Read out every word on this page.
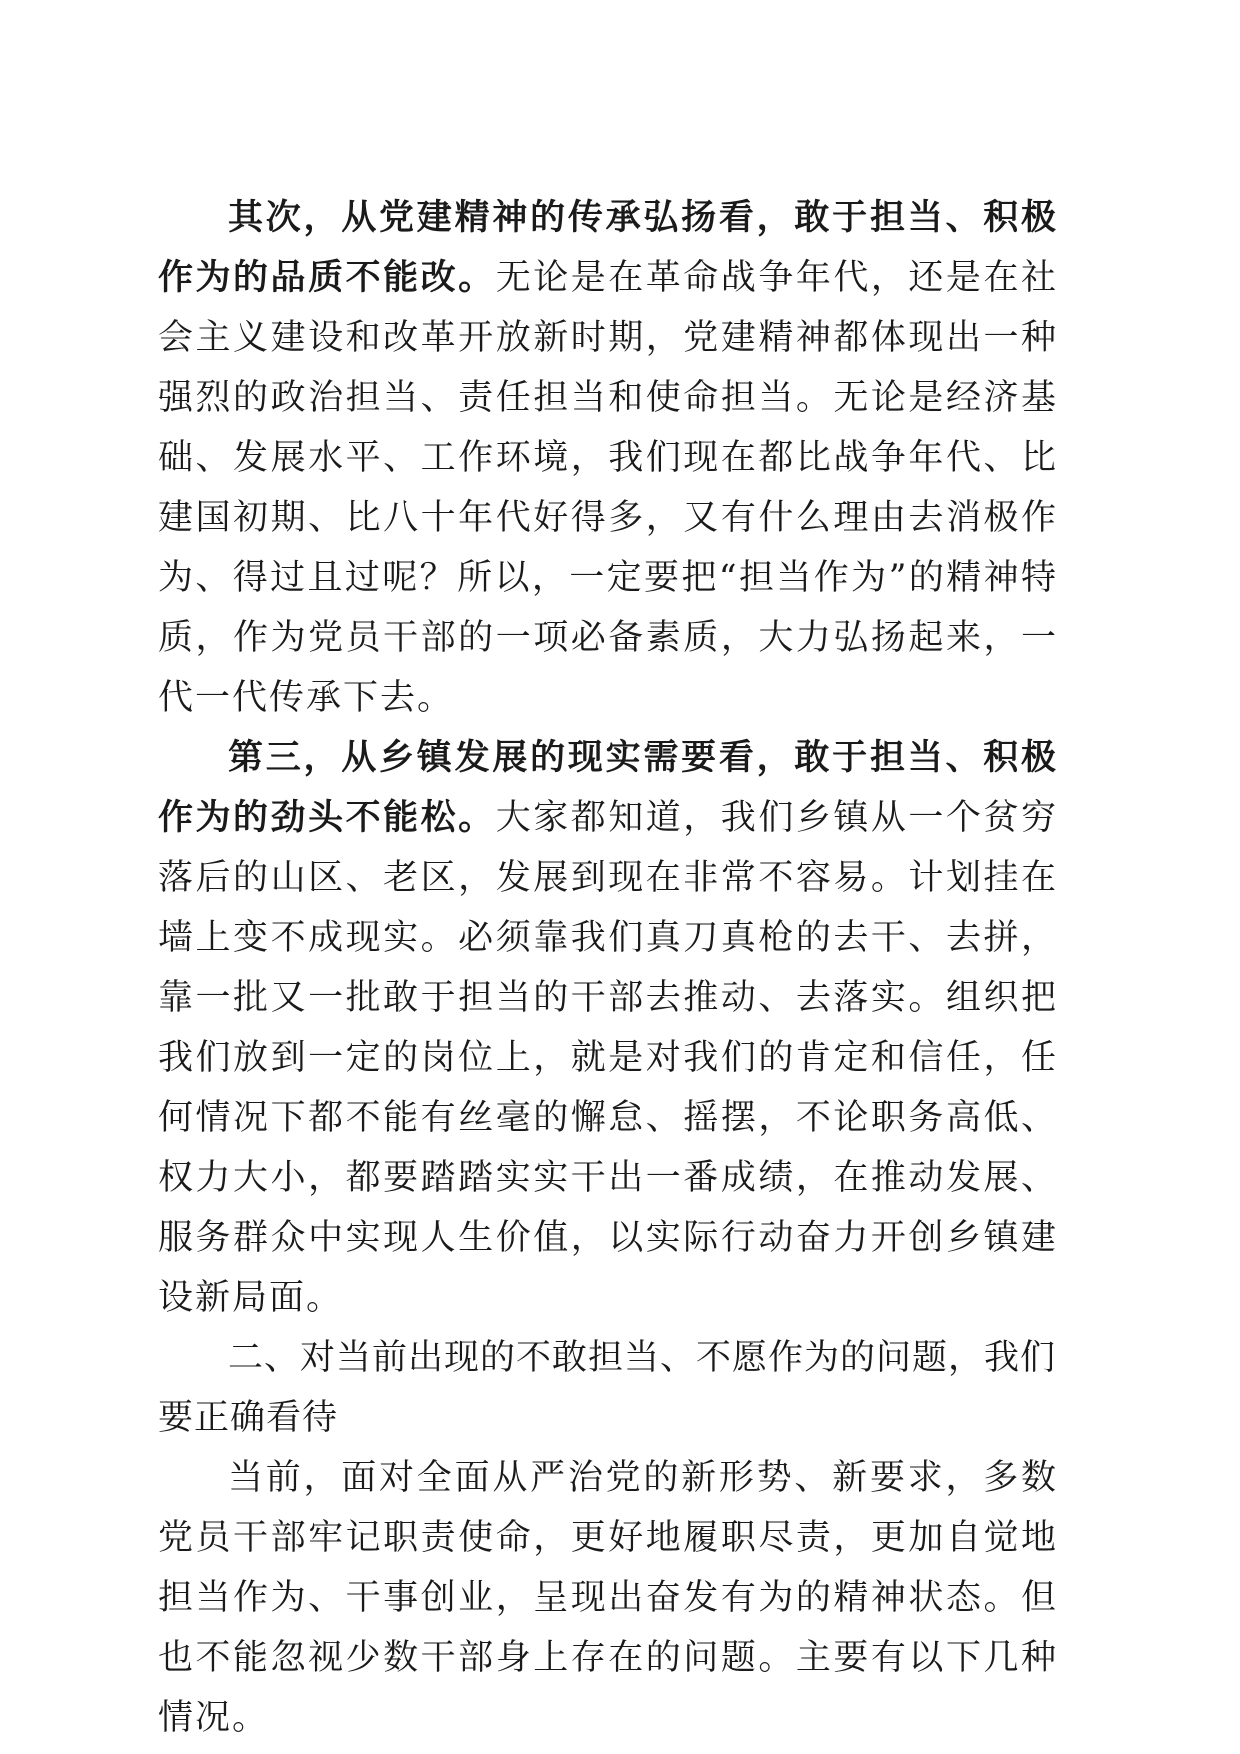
其次，从党建精神的传承弘扬看，敢于担当、积极作为的品质不能改。无论是在革命战争年代，还是在社会主义建设和改革开放新时期，党建精神都体现出一种强烈的政治担当、责任担当和使命担当。无论是经济基础、发展水平、工作环境，我们现在都比战争年代、比建国初期、比八十年代好得多，又有什么理由去消极作为、得过且过呢？所以，一定要把“担当作为”的精神特质，作为党员干部的一项必备素质，大力弘扬起来，一代一代传承下去。

第三，从乡镇发展的现实需要看，敢于担当、积极作为的劲头不能松。大家都知道，我们乡镇从一个贫穷落后的山区、老区，发展到现在非常不容易。计划挂在墙上变不成现实。必须靠我们真刀真枪的去干、去拼，靠一批又一批敢于担当的干部去推动、去落实。组织把我们放到一定的岗位上，就是对我们的肯定和信任，任何情况下都不能有丝毫的懈怠、摇摆，不论职务高低、权力大小，都要踏踏实实干出一番成绩，在推动发展、服务群众中实现人生价值，以实际行动奋力开创乡镇建设新局面。

二、对当前出现的不敢担当、不愿作为的问题，我们要正确看待

当前，面对全面从严治党的新形势、新要求，多数党员干部牢记职责使命，更好地履职尽责，更加自觉地担当作为、干事创业，呈现出奋发有为的精神状态。但也不能忽视少数干部身上存在的问题。主要有以下几种情况。
